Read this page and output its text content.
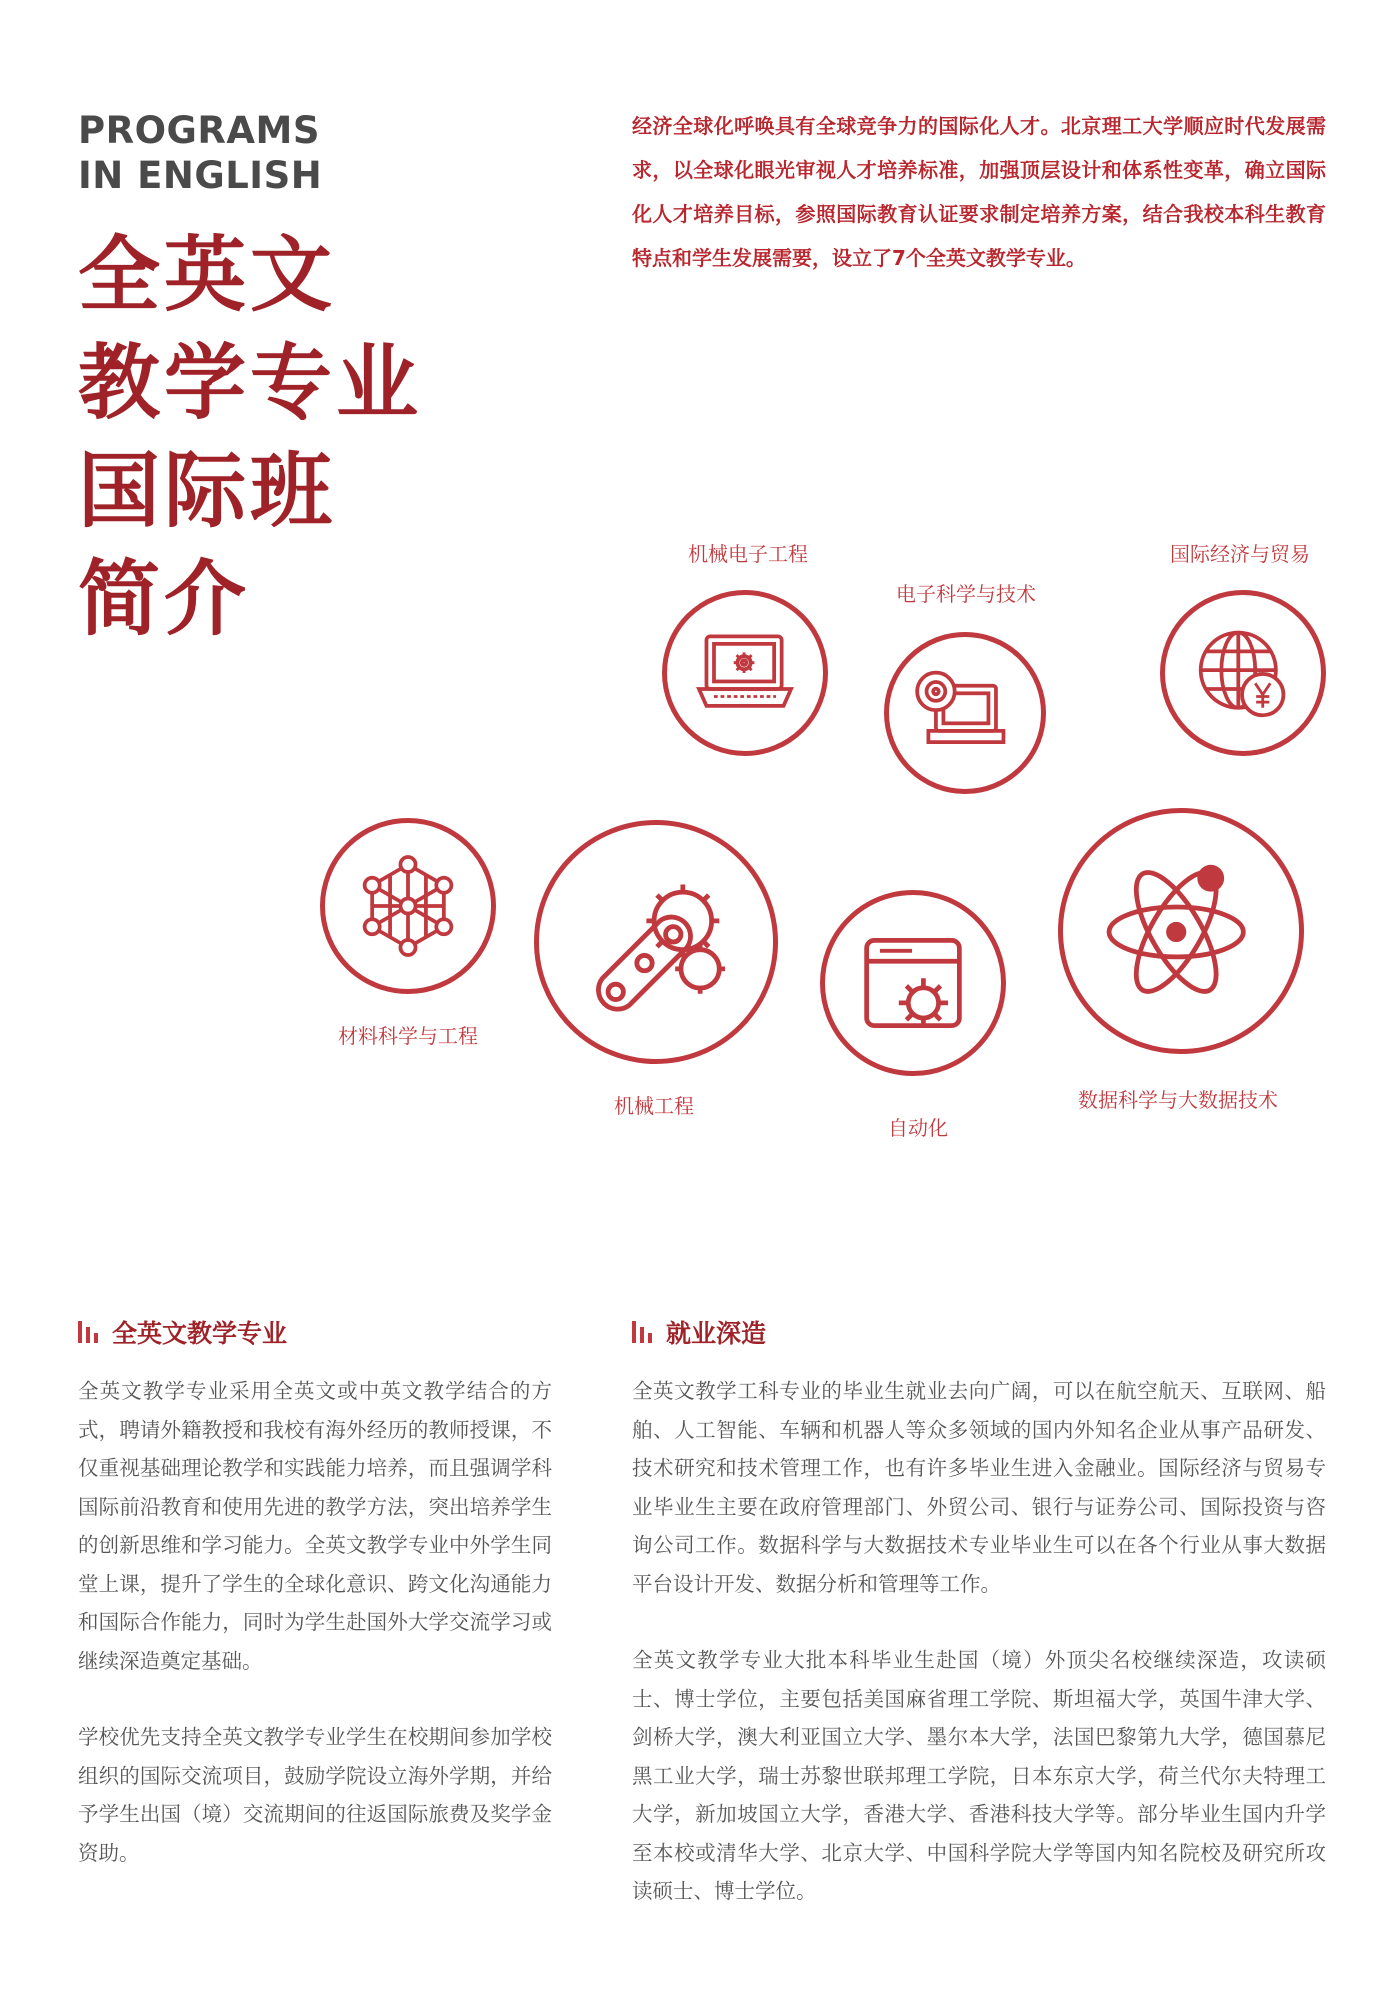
PROGRAMS
IN ENGLISH
全英文
教学专业
国际班
简介
经济全球化呼唤具有全球竞争力的国际化人才。北京理工大学顺应时代发展需求，以全球化眼光审视人才培养标准，加强顶层设计和体系性变革，确立国际化人才培养目标，参照国际教育认证要求制定培养方案，结合我校本科生教育特点和学生发展需要，设立了7个全英文教学专业。
机械电子工程
电子科学与技术
国际经济与贸易
材料科学与工程
机械工程
自动化
数据科学与大数据技术
全英文教学专业

全英文教学专业采用全英文或中英文教学结合的方式，聘请外籍教授和我校有海外经历的教师授课，不仅重视基础理论教学和实践能力培养，而且强调学科国际前沿教育和使用先进的教学方法，突出培养学生的创新思维和学习能力。全英文教学专业中外学生同堂上课，提升了学生的全球化意识、跨文化沟通能力和国际合作能力，同时为学生赴国外大学交流学习或继续深造奠定基础。

学校优先支持全英文教学专业学生在校期间参加学校组织的国际交流项目，鼓励学院设立海外学期，并给予学生出国（境）交流期间的往返国际旅费及奖学金资助。

就业深造

全英文教学工科专业的毕业生就业去向广阔，可以在航空航天、互联网、船舶、人工智能、车辆和机器人等众多领域的国内外知名企业从事产品研发、技术研究和技术管理工作，也有许多毕业生进入金融业。国际经济与贸易专业毕业生主要在政府管理部门、外贸公司、银行与证券公司、国际投资与咨询公司工作。数据科学与大数据技术专业毕业生可以在各个行业从事大数据平台设计开发、数据分析和管理等工作。

全英文教学专业大批本科毕业生赴国（境）外顶尖名校继续深造，攻读硕士、博士学位，主要包括美国麻省理工学院、斯坦福大学，英国牛津大学、剑桥大学，澳大利亚国立大学、墨尔本大学，法国巴黎第九大学，德国慕尼黑工业大学，瑞士苏黎世联邦理工学院，日本东京大学，荷兰代尔夫特理工大学，新加坡国立大学，香港大学、香港科技大学等。部分毕业生国内升学至本校或清华大学、北京大学、中国科学院大学等国内知名院校及研究所攻读硕士、博士学位。
